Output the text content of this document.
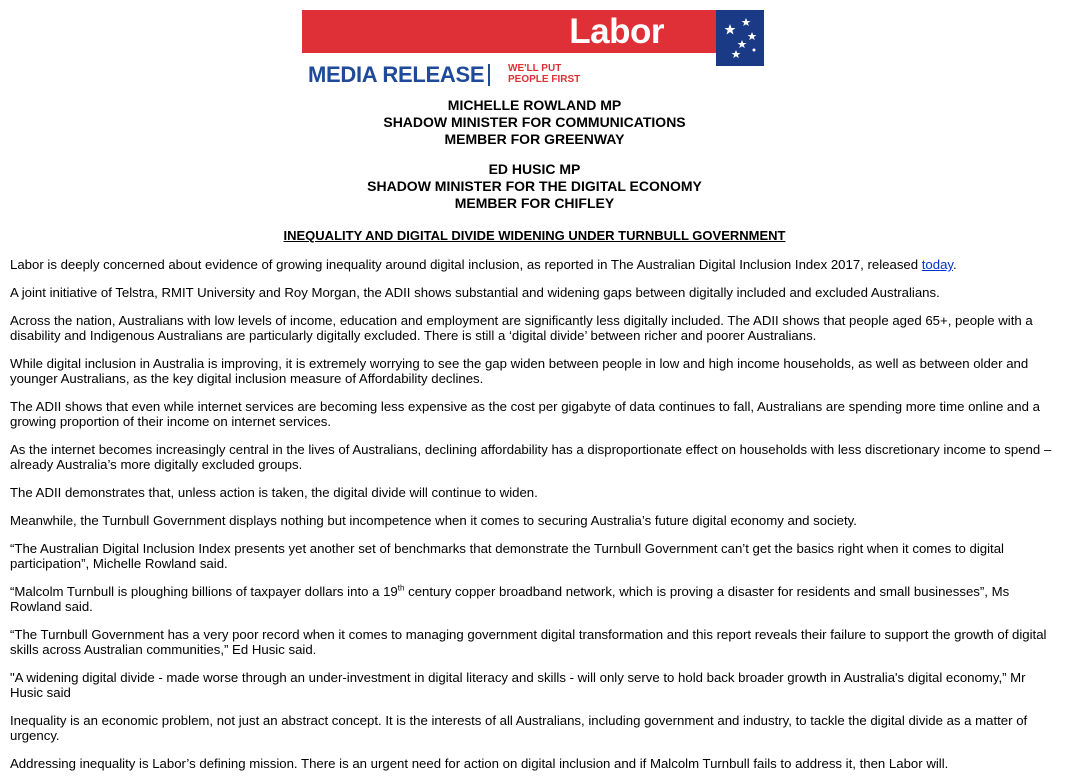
Labor
MEDIA RELEASE WE'LL PUT
PEOPLE FIRST

MICHELLE ROWLAND MP

SHADOW MINISTER FOR COMMUNICATIONS

MEMBER FOR GREENWAY

ED HUSIC MP

SHADOW MINISTER FOR THE DIGITAL ECONOMY

MEMBER FOR CHIFLEY

INEQUALITY AND DIGITAL DIVIDE WIDENING UNDER TURNBULL GOVERNMENT

Labor is deeply concerned about evidence of growing inequality around digital inclusion, as reported in The Australian Digital Inclusion Index 2017, released today.

A joint initiative of Telstra, RMIT University and Roy Morgan, the ADII shows substantial and widening gaps between digitally included and excluded Australians.

Across the nation, Australians with low levels of income, education and employment are significantly less digitally included. The ADII shows that people aged 65+, people with a disability and Indigenous Australians are particularly digitally excluded. There is still a ‘digital divide’ between richer and poorer Australians.

While digital inclusion in Australia is improving, it is extremely worrying to see the gap widen between people in low and high income households, as well as between older and younger Australians, as the key digital inclusion measure of Affordability declines.

The ADII shows that even while internet services are becoming less expensive as the cost per gigabyte of data continues to fall, Australians are spending more time online and a growing proportion of their income on internet services.

As the internet becomes increasingly central in the lives of Australians, declining affordability has a disproportionate effect on households with less discretionary income to spend – already Australia’s more digitally excluded groups.

The ADII demonstrates that, unless action is taken, the digital divide will continue to widen.

Meanwhile, the Turnbull Government displays nothing but incompetence when it comes to securing Australia’s future digital economy and society.

“The Australian Digital Inclusion Index presents yet another set of benchmarks that demonstrate the Turnbull Government can’t get the basics right when it comes to digital participation”, Michelle Rowland said.

“Malcolm Turnbull is ploughing billions of taxpayer dollars into a 19th century copper broadband network, which is proving a disaster for residents and small businesses”, Ms Rowland said.

“The Turnbull Government has a very poor record when it comes to managing government digital transformation and this report reveals their failure to support the growth of digital skills across Australian communities,” Ed Husic said.

"A widening digital divide - made worse through an under-investment in digital literacy and skills - will only serve to hold back broader growth in Australia's digital economy,” Mr Husic said

Inequality is an economic problem, not just an abstract concept. It is the interests of all Australians, including government and industry, to tackle the digital divide as a matter of urgency.

Addressing inequality is Labor’s defining mission. There is an urgent need for action on digital inclusion and if Malcolm Turnbull fails to address it, then Labor will.
